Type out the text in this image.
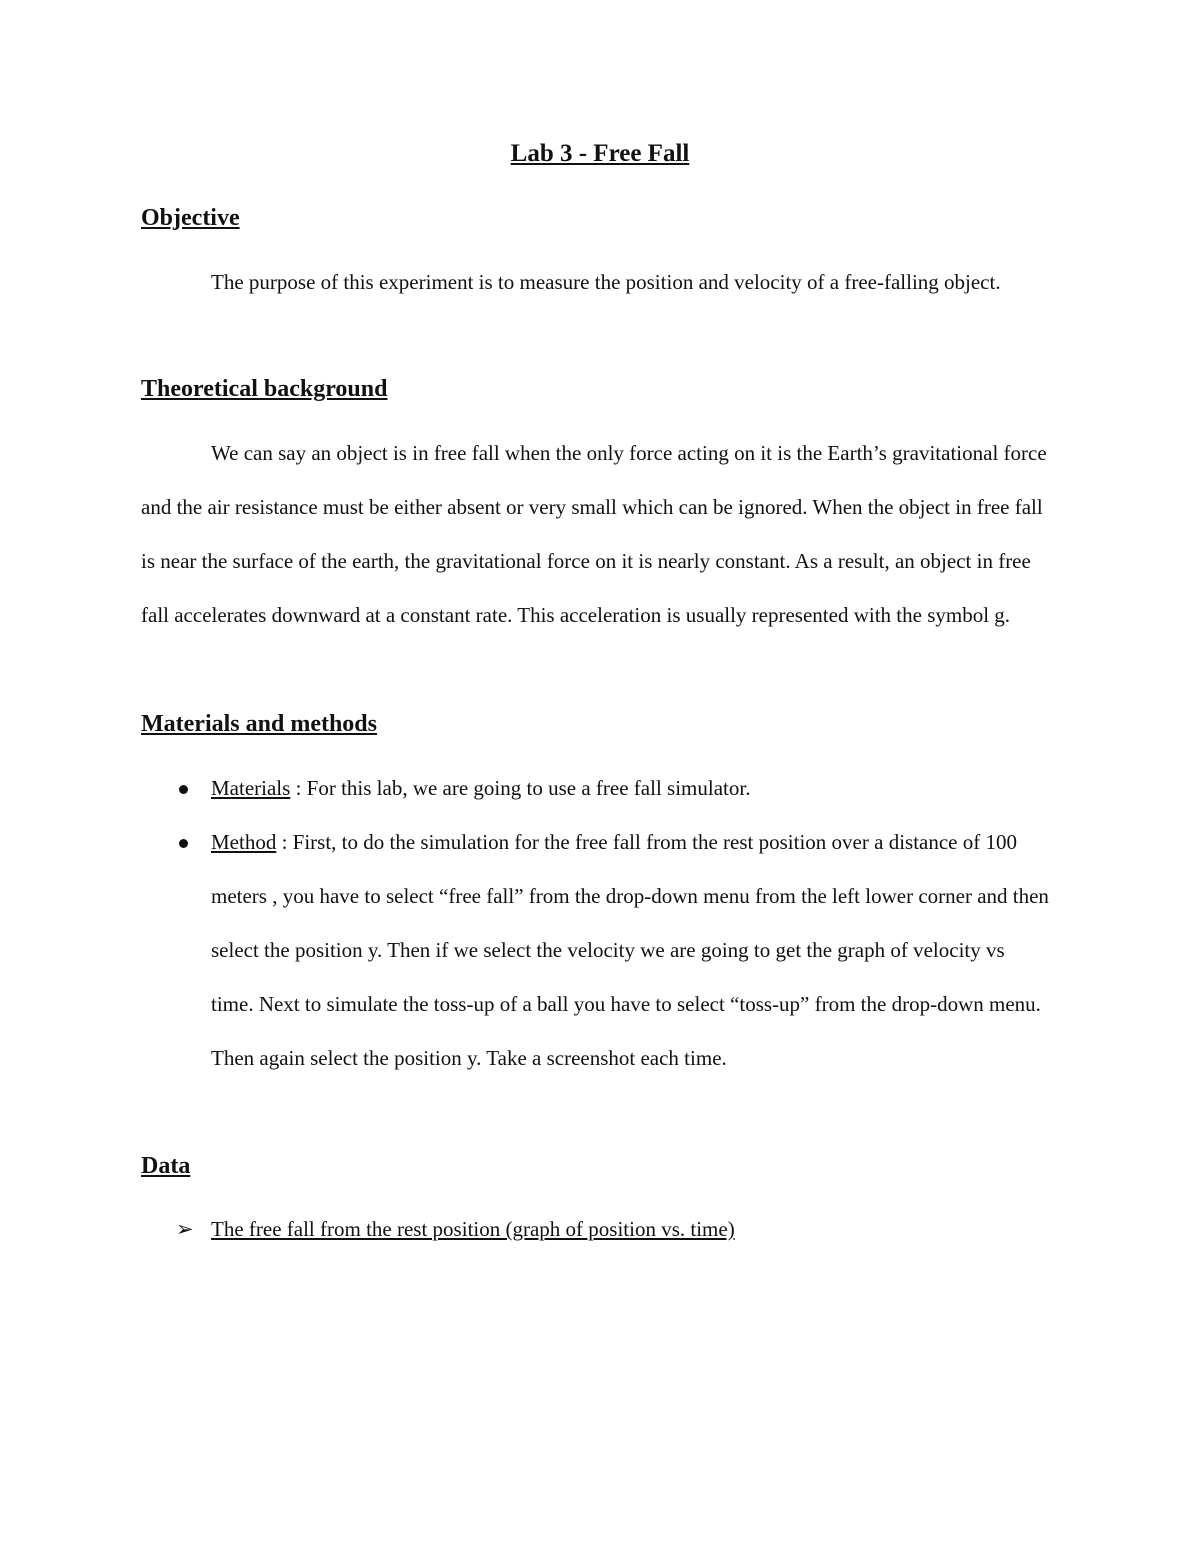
Lab 3 - Free Fall
Objective

The purpose of this experiment is to measure the position and velocity of a free-falling object.

Theoretical background

We can say an object is in free fall when the only force acting on it is the Earth’s gravitational force and the air resistance must be either absent or very small which can be ignored. When the object in free fall is near the surface of the earth, the gravitational force on it is nearly constant. As a result, an object in free fall accelerates downward at a constant rate. This acceleration is usually represented with the symbol g.

Materials and methods
Materials : For this lab, we are going to use a free fall simulator.
Method : First, to do the simulation for the free fall from the rest position over a distance of 100 meters , you have to select “free fall” from the drop-down menu from the left lower corner and then select the position y. Then if we select the velocity we are going to get the graph of velocity vs time. Next to simulate the toss-up of a ball you have to select “toss-up” from the drop-down menu. Then again select the position y. Take a screenshot each time.
Data
➢ The free fall from the rest position (graph of position vs. time)
